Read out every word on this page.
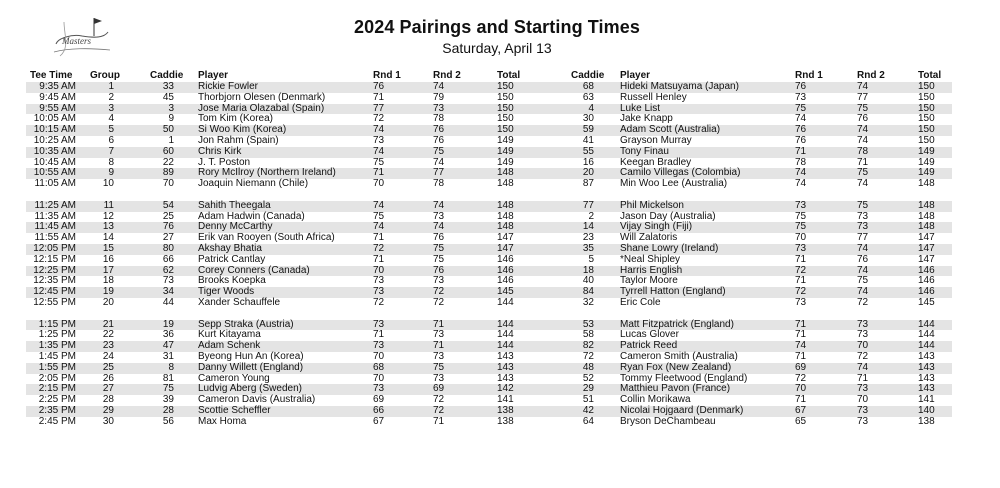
Masters
2024 Pairings and Starting Times
Saturday, April 13
Tee Time Group	Caddie Player	Rnd 1	Rnd 2	Total	Caddie Player	Rnd 1	Rnd 2	Total
9:35 AM	1	33 Rickie Fowler	76	74	150	68	Hideki Matsuyama (Japan)	76	74	150
9:45 AM	2	45 Thorbjorn Olesen (Denmark)	71	79	150	63	Russell Henley	73	77	150
9:55 AM	3	3 Jose Maria Olazabal (Spain)	77	73	150	4	Luke List	75	75	150
10:05 AM	4	9 Tom Kim (Korea)	72	78	150	30	Jake Knapp	74	76	150
10:15 AM	5	50 Si Woo Kim (Korea)	74	76	150	59	Adam Scott (Australia)	76	74	150
10:25 AM	6	1 Jon Rahm (Spain)	73	76	149	41	Grayson Murray	76	74	150
10:35 AM	7	60 Chris Kirk	74	75	149	55	Tony Finau	71	78	149
10:45 AM	8	22 J. T. Poston	75	74	149	16	Keegan Bradley	78	71	149
10:55 AM	9	89 Rory McIlroy (Northern Ireland)	71	77	148	20	Camilo Villegas (Colombia)	74	75	149
11:05 AM	10	70 Joaquin Niemann (Chile)	70	78	148	87	Min Woo Lee (Australia)	74	74	148
11:25 AM	11	54 Sahith Theegala	74	74	148	77	Phil Mickelson	73	75	148
11:35 AM	12	25 Adam Hadwin (Canada)	75	73	148	2	Jason Day (Australia)	75	73	148
11:45 AM	13	76 Denny McCarthy	74	74	148	14	Vijay Singh (Fiji)	75	73	148
11:55 AM	14	27 Erik van Rooyen (South Africa)	71	76	147	23	Will Zalatoris	70	77	147
12:05 PM	15	80 Akshay Bhatia	72	75	147	35	Shane Lowry (Ireland)	73	74	147
12:15 PM	16	66 Patrick Cantlay	71	75	146	5	*Neal Shipley	71	76	147
12:25 PM	17	62 Corey Conners (Canada)	70	76	146	18	Harris English	72	74	146
12:35 PM	18	73 Brooks Koepka	73	73	146	40	Taylor Moore	71	75	146
12:45 PM	19	34 Tiger Woods	73	72	145	84	Tyrrell Hatton (England)	72	74	146
12:55 PM	20	44 Xander Schauffele	72	72	144	32	Eric Cole	73	72	145
1:15 PM	21	19 Sepp Straka (Austria)	73	71	144	53	Matt Fitzpatrick (England)	71	73	144
1:25 PM	22	36 Kurt Kitayama	71	73	144	58	Lucas Glover	71	73	144
1:35 PM	23	47 Adam Schenk	73	71	144	82	Patrick Reed	74	70	144
1:45 PM	24	31 Byeong Hun An (Korea)	70	73	143	72	Cameron Smith (Australia)	71	72	143
1:55 PM	25	8 Danny Willett (England)	68	75	143	48	Ryan Fox (New Zealand)	69	74	143
2:05 PM	26	81 Cameron Young	70	73	143	52	Tommy Fleetwood (England)	72	71	143
2:15 PM	27	75 Ludvig Aberg (Sweden)	73	69	142	29	Matthieu Pavon (France)	70	73	143
2:25 PM	28	39 Cameron Davis (Australia)	69	72	141	51	Collin Morikawa	71	70	141
2:35 PM	29	28 Scottie Scheffler	66	72	138	42	Nicolai Hojgaard (Denmark)	67	73	140
2:45 PM	30	56 Max Homa	67	71	138	64	Bryson DeChambeau	65	73	138
